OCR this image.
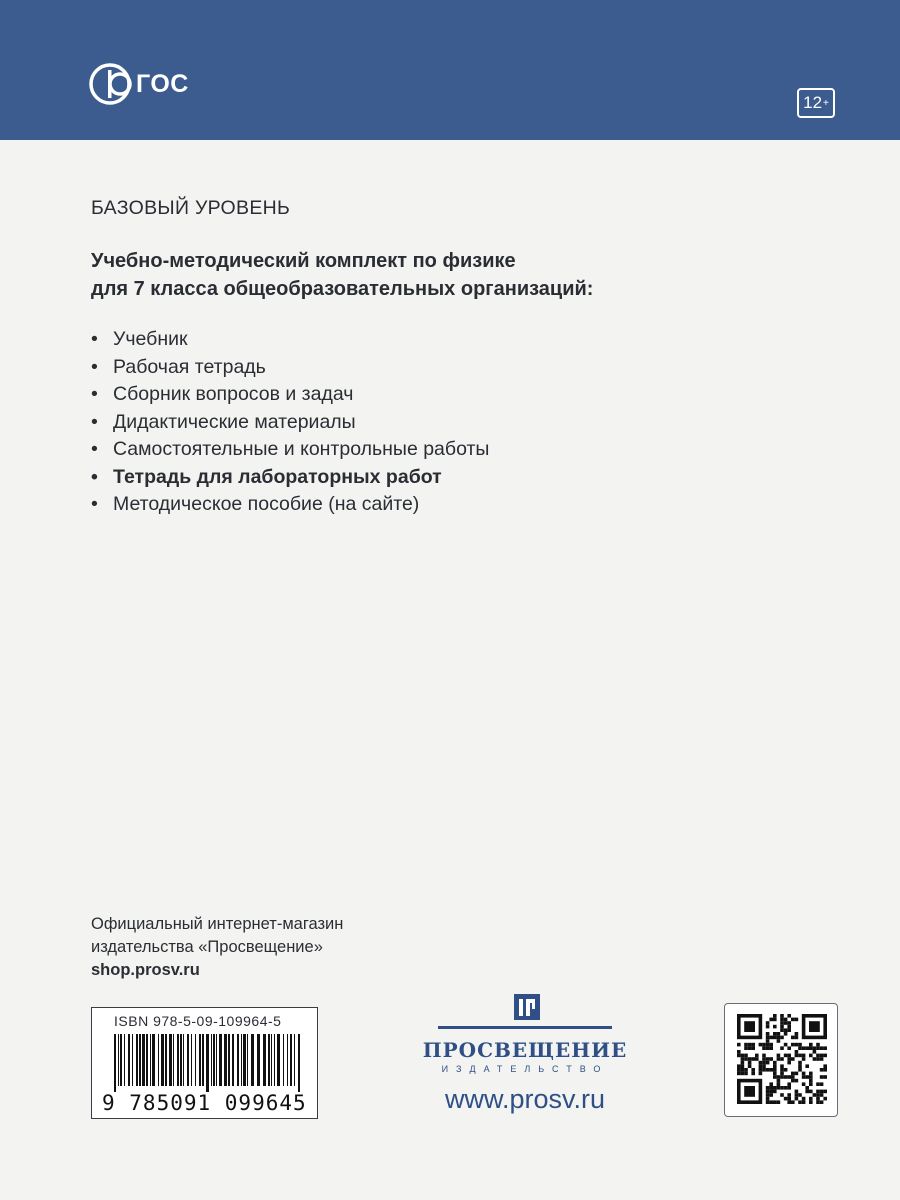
ГОС
12 +
БАЗОВЫЙ УРОВЕНЬ
Учебно-методический комплект по физике
для 7 класса общеобразовательных организаций:
• Учебник
• Рабочая тетрадь
• Сборник вопросов и задач
• Дидактические материалы
• Самостоятельные и контрольные работы
• Тетрадь для лабораторных работ
• Методическое пособие (на сайте)
Официальный интернет-магазин
издательства «Просвещение»
shop.prosv.ru
ISBN 978-5-09-109964-5
9 785091 099645
ПРОСВЕЩЕНИЕ
ИЗДАТЕЛЬСТВО
www.prosv.ru
